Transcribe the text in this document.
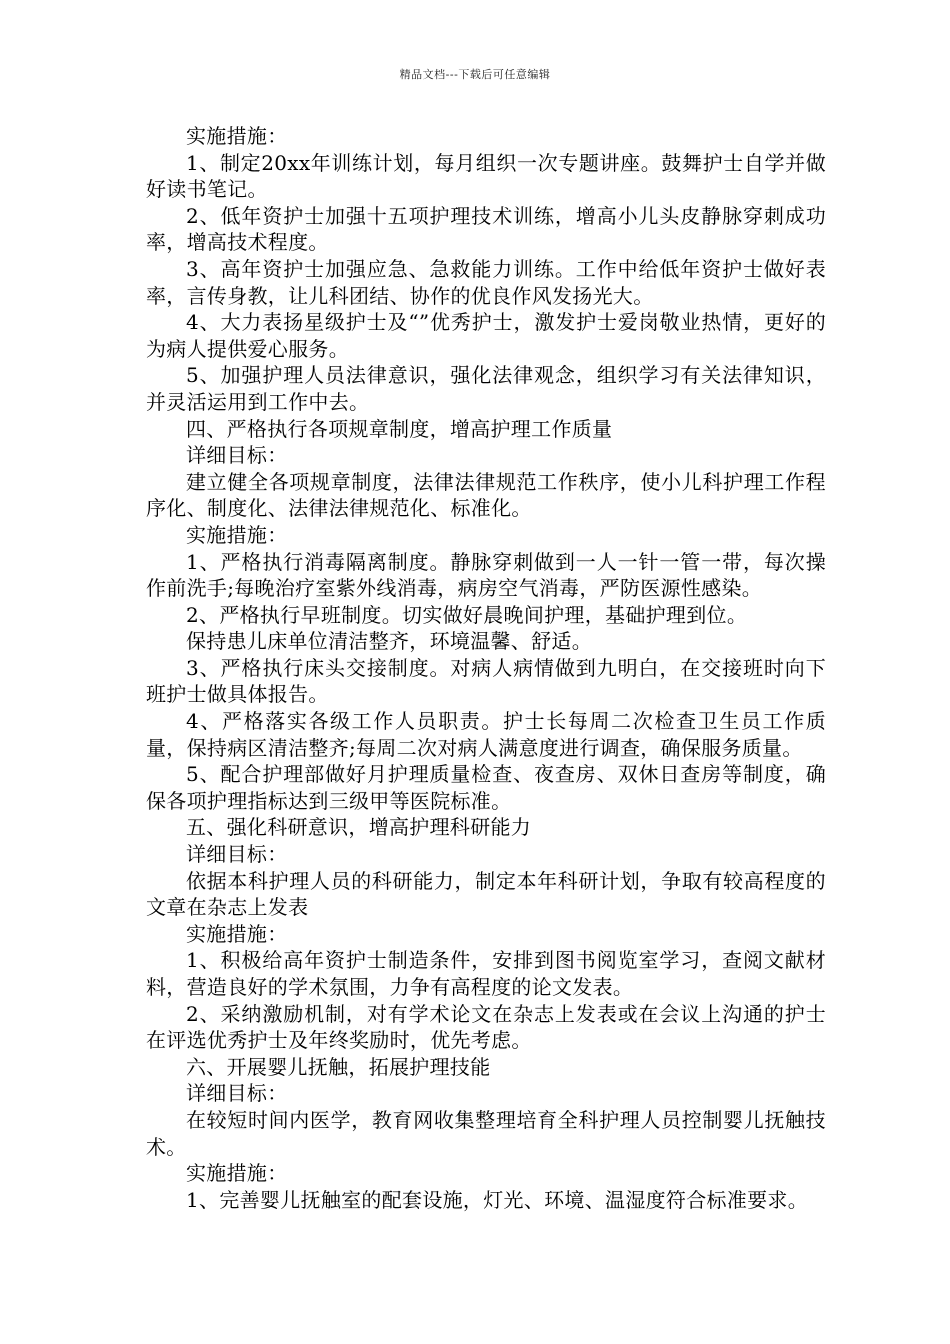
精品文档---下载后可任意编辑

实施措施：

1、制定20xx年训练计划，每月组织一次专题讲座。鼓舞护士自学并做好读书笔记。

2、低年资护士加强十五项护理技术训练，增高小儿头皮静脉穿刺成功率，增高技术程度。

3、高年资护士加强应急、急救能力训练。工作中给低年资护士做好表率，言传身教，让儿科团结、协作的优良作风发扬光大。

4、大力表扬星级护士及“”优秀护士，激发护士爱岗敬业热情，更好的为病人提供爱心服务。

5、加强护理人员法律意识，强化法律观念，组织学习有关法律知识，并灵活运用到工作中去。

四、严格执行各项规章制度，增高护理工作质量

详细目标：

建立健全各项规章制度，法律法律规范工作秩序，使小儿科护理工作程序化、制度化、法律法律规范化、标准化。

实施措施：

1、严格执行消毒隔离制度。静脉穿刺做到一人一针一管一带，每次操作前洗手;每晚治疗室紫外线消毒，病房空气消毒，严防医源性感染。

2、严格执行早班制度。切实做好晨晚间护理，基础护理到位。

保持患儿床单位清洁整齐，环境温馨、舒适。

3、严格执行床头交接制度。对病人病情做到九明白，在交接班时向下班护士做具体报告。

4、严格落实各级工作人员职责。护士长每周二次检查卫生员工作质量，保持病区清洁整齐;每周二次对病人满意度进行调查，确保服务质量。

5、配合护理部做好月护理质量检查、夜查房、双休日查房等制度，确保各项护理指标达到三级甲等医院标准。

五、强化科研意识，增高护理科研能力

详细目标：

依据本科护理人员的科研能力，制定本年科研计划，争取有较高程度的文章在杂志上发表

实施措施：

1、积极给高年资护士制造条件，安排到图书阅览室学习，查阅文献材料，营造良好的学术氛围，力争有高程度的论文发表。

2、采纳激励机制，对有学术论文在杂志上发表或在会议上沟通的护士在评选优秀护士及年终奖励时，优先考虑。

六、开展婴儿抚触，拓展护理技能

详细目标：

在较短时间内医学，教育网收集整理培育全科护理人员控制婴儿抚触技术。

实施措施：

1、完善婴儿抚触室的配套设施，灯光、环境、温湿度符合标准要求。
